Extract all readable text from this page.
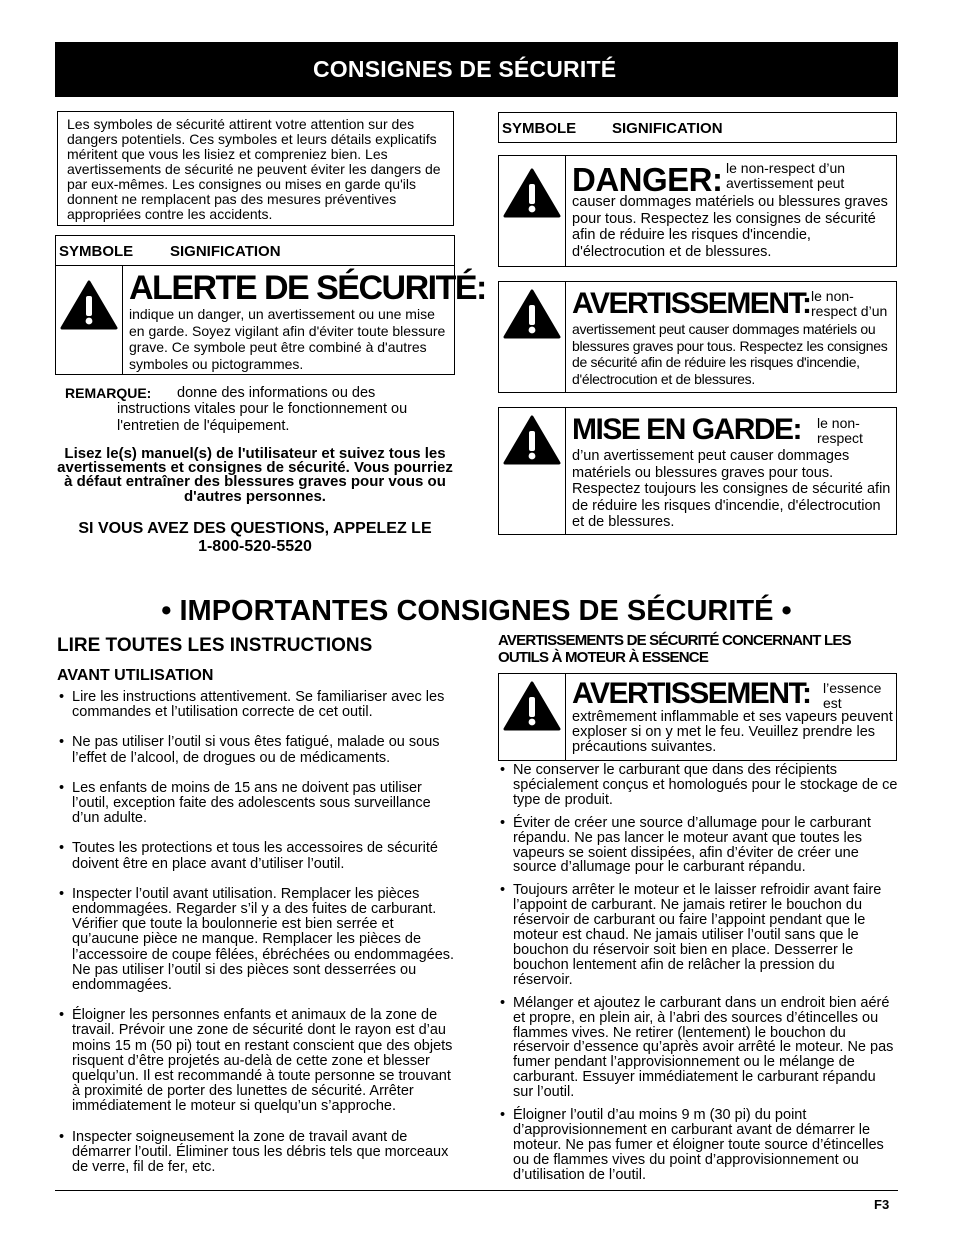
CONSIGNES DE SÉCURITÉ
Les symboles de sécurité attirent votre attention sur des dangers potentiels. Ces symboles et leurs détails explicatifs méritent que vous les lisiez et compreniez bien. Les avertissements de sécurité ne peuvent éviter les dangers de par eux-mêmes. Les consignes ou mises en garde qu'ils donnent ne remplacent pas des mesures préventives appropriées contre les accidents.
SYMBOLE SIGNIFICATION
ALERTE DE SÉCURITÉ:
indique un danger, un avertissement ou une mise en garde. Soyez vigilant afin d'éviter toute blessure grave. Ce symbole peut être combiné à d'autres symboles ou pictogrammes.
REMARQUE:	donne des informations ou des instructions vitales pour le fonctionnement ou l'entretien de l'équipement.
Lisez le(s) manuel(s) de l'utilisateur et suivez tous les avertissements et consignes de sécurité. Vous pourriez à défaut entraîner des blessures graves pour vous ou d'autres personnes.
SI VOUS AVEZ DES QUESTIONS, APPELEZ LE
1-800-520-5520
SYMBOLE SIGNIFICATION
DANGER: le non-respect d’un avertissement peut
causer dommages matériels ou blessures graves pour tous. Respectez les consignes de sécurité afin de réduire les risques d'incendie, d'électrocution et de blessures.
AVERTISSEMENT: le non-respect d’un
avertissement peut causer dommages matériels ou blessures graves pour tous. Respectez les consignes de sécurité afin de réduire les risques d'incendie, d'électrocution et de blessures.
MISE EN GARDE: le non-respect
d’un avertissement peut causer dommages matériels ou blessures graves pour tous. Respectez toujours les consignes de sécurité afin de réduire les risques d'incendie, d'électrocution et de blessures.
• IMPORTANTES CONSIGNES DE SÉCURITÉ •
LIRE TOUTES LES INSTRUCTIONS
AVANT UTILISATION
• Lire les instructions attentivement. Se familiariser avec les commandes et l’utilisation correcte de cet outil.
• Ne pas utiliser l’outil si vous êtes fatigué, malade ou sous l’effet de l’alcool, de drogues ou de médicaments.
• Les enfants de moins de 15 ans ne doivent pas utiliser l’outil, exception faite des adolescents sous surveillance d’un adulte.
• Toutes les protections et tous les accessoires de sécurité doivent être en place avant d’utiliser l’outil.
• Inspecter l’outil avant utilisation. Remplacer les pièces endommagées. Regarder s’il y a des fuites de carburant. Vérifier que toute la boulonnerie est bien serrée et qu’aucune pièce ne manque. Remplacer les pièces de l’accessoire de coupe fêlées, ébréchées ou endommagées. Ne pas utiliser l’outil si des pièces sont desserrées ou endommagées.
• Éloigner les personnes enfants et animaux de la zone de travail. Prévoir une zone de sécurité dont le rayon est d’au moins 15 m (50 pi) tout en restant conscient que des objets risquent d’être projetés au-delà de cette zone et blesser quelqu’un. Il est recommandé à toute personne se trouvant à proximité de porter des lunettes de sécurité. Arrêter immédiatement le moteur si quelqu’un s’approche.
• Inspecter soigneusement la zone de travail avant de démarrer l’outil. Éliminer tous les débris tels que morceaux de verre, fil de fer, etc.
AVERTISSEMENTS DE SÉCURITÉ CONCERNANT LES OUTILS À MOTEUR À ESSENCE
AVERTISSEMENT: l’essence est
extrêmement inflammable et ses vapeurs peuvent exploser si on y met le feu. Veuillez prendre les précautions suivantes.
• Ne conserver le carburant que dans des récipients spécialement conçus et homologués pour le stockage de ce type de produit.
• Éviter de créer une source d’allumage pour le carburant répandu. Ne pas lancer le moteur avant que toutes les vapeurs se soient dissipées, afin d’éviter de créer une source d’allumage pour le carburant répandu.
• Toujours arrêter le moteur et le laisser refroidir avant faire l’appoint de carburant. Ne jamais retirer le bouchon du réservoir de carburant ou faire l’appoint pendant que le moteur est chaud. Ne jamais utiliser l’outil sans que le bouchon du réservoir soit bien en place. Desserrer le bouchon lentement afin de relâcher la pression du réservoir.
• Mélanger et ajoutez le carburant dans un endroit bien aéré et propre, en plein air, à l’abri des sources d’étincelles ou flammes vives. Ne retirer (lentement) le bouchon du réservoir d’essence qu’après avoir arrêté le moteur. Ne pas fumer pendant l’approvisionnement ou le mélange de carburant. Essuyer immédiatement le carburant répandu sur l’outil.
• Éloigner l’outil d’au moins 9 m (30 pi) du point d’approvisionnement en carburant avant de démarrer le moteur. Ne pas fumer et éloigner toute source d’étincelles ou de flammes vives du point d’approvisionnement ou d’utilisation de l’outil.
F3
